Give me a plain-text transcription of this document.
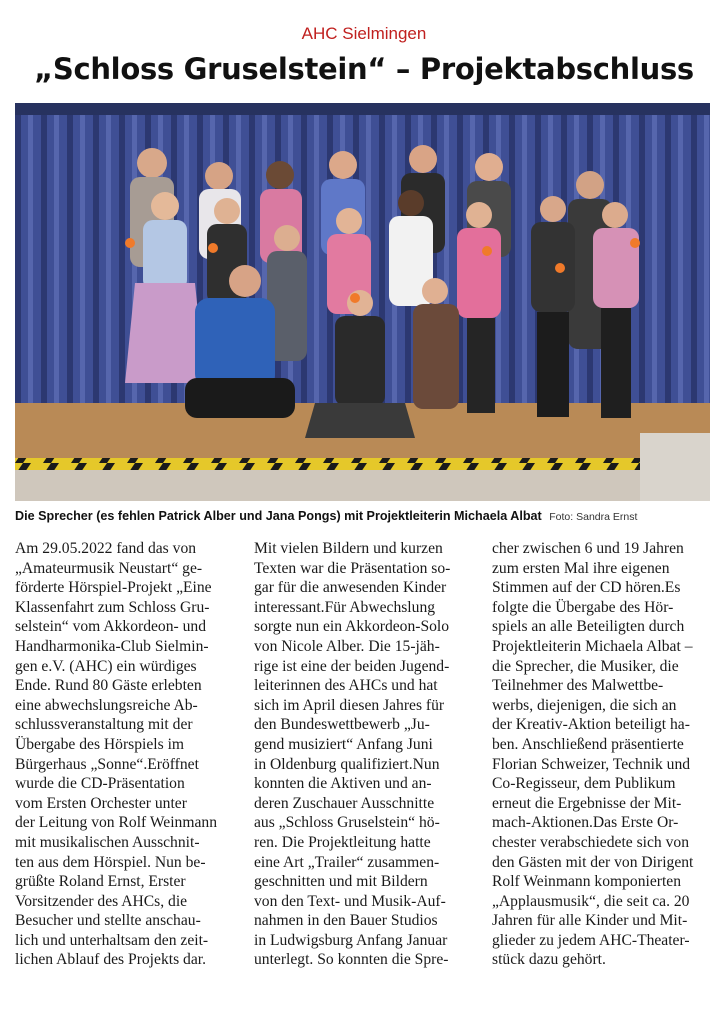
AHC Sielmingen
„Schloss Gruselstein“ – Projektabschluss
Die Sprecher (es fehlen Patrick Alber und Jana Pongs) mit Projektleiterin Michaela Albat Foto: Sandra Ernst
Am 29.05.2022 fand das von
„Amateurmusik Neustart“ ge-
förderte Hörspiel-Projekt „Eine
Klassenfahrt zum Schloss Gru-
selstein“ vom Akkordeon- und
Handharmonika-Club Sielmin-
gen e.V. (AHC) ein würdiges
Ende. Rund 80 Gäste erlebten
eine abwechslungsreiche Ab-
schlussveranstaltung mit der
Übergabe des Hörspiels im
Bürgerhaus „Sonne“.Eröffnet
wurde die CD-Präsentation
vom Ersten Orchester unter
der Leitung von Rolf Weinmann
mit musikalischen Ausschnit-
ten aus dem Hörspiel. Nun be-
grüßte Roland Ernst, Erster
Vorsitzender des AHCs, die
Besucher und stellte anschau-
lich und unterhaltsam den zeit-
lichen Ablauf des Projekts dar.
Mit vielen Bildern und kurzen
Texten war die Präsentation so-
gar für die anwesenden Kinder
interessant.Für Abwechslung
sorgte nun ein Akkordeon-Solo
von Nicole Alber. Die 15-jäh-
rige ist eine der beiden Jugend-
leiterinnen des AHCs und hat
sich im April diesen Jahres für
den Bundeswettbewerb „Ju-
gend musiziert“ Anfang Juni
in Oldenburg qualifiziert.Nun
konnten die Aktiven und an-
deren Zuschauer Ausschnitte
aus „Schloss Gruselstein“ hö-
ren. Die Projektleitung hatte
eine Art „Trailer“ zusammen-
geschnitten und mit Bildern
von den Text- und Musik-Auf-
nahmen in den Bauer Studios
in Ludwigsburg Anfang Januar
unterlegt. So konnten die Spre-
cher zwischen 6 und 19 Jahren
zum ersten Mal ihre eigenen
Stimmen auf der CD hören.Es
folgte die Übergabe des Hör-
spiels an alle Beteiligten durch
Projektleiterin Michaela Albat –
die Sprecher, die Musiker, die
Teilnehmer des Malwettbe-
werbs, diejenigen, die sich an
der Kreativ-Aktion beteiligt ha-
ben. Anschließend präsentierte
Florian Schweizer, Technik und
Co-Regisseur, dem Publikum
erneut die Ergebnisse der Mit-
mach-Aktionen.Das Erste Or-
chester verabschiedete sich von
den Gästen mit der von Dirigent
Rolf Weinmann komponierten
„Applausmusik“, die seit ca. 20
Jahren für alle Kinder und Mit-
glieder zu jedem AHC-Theater-
stück dazu gehört.
